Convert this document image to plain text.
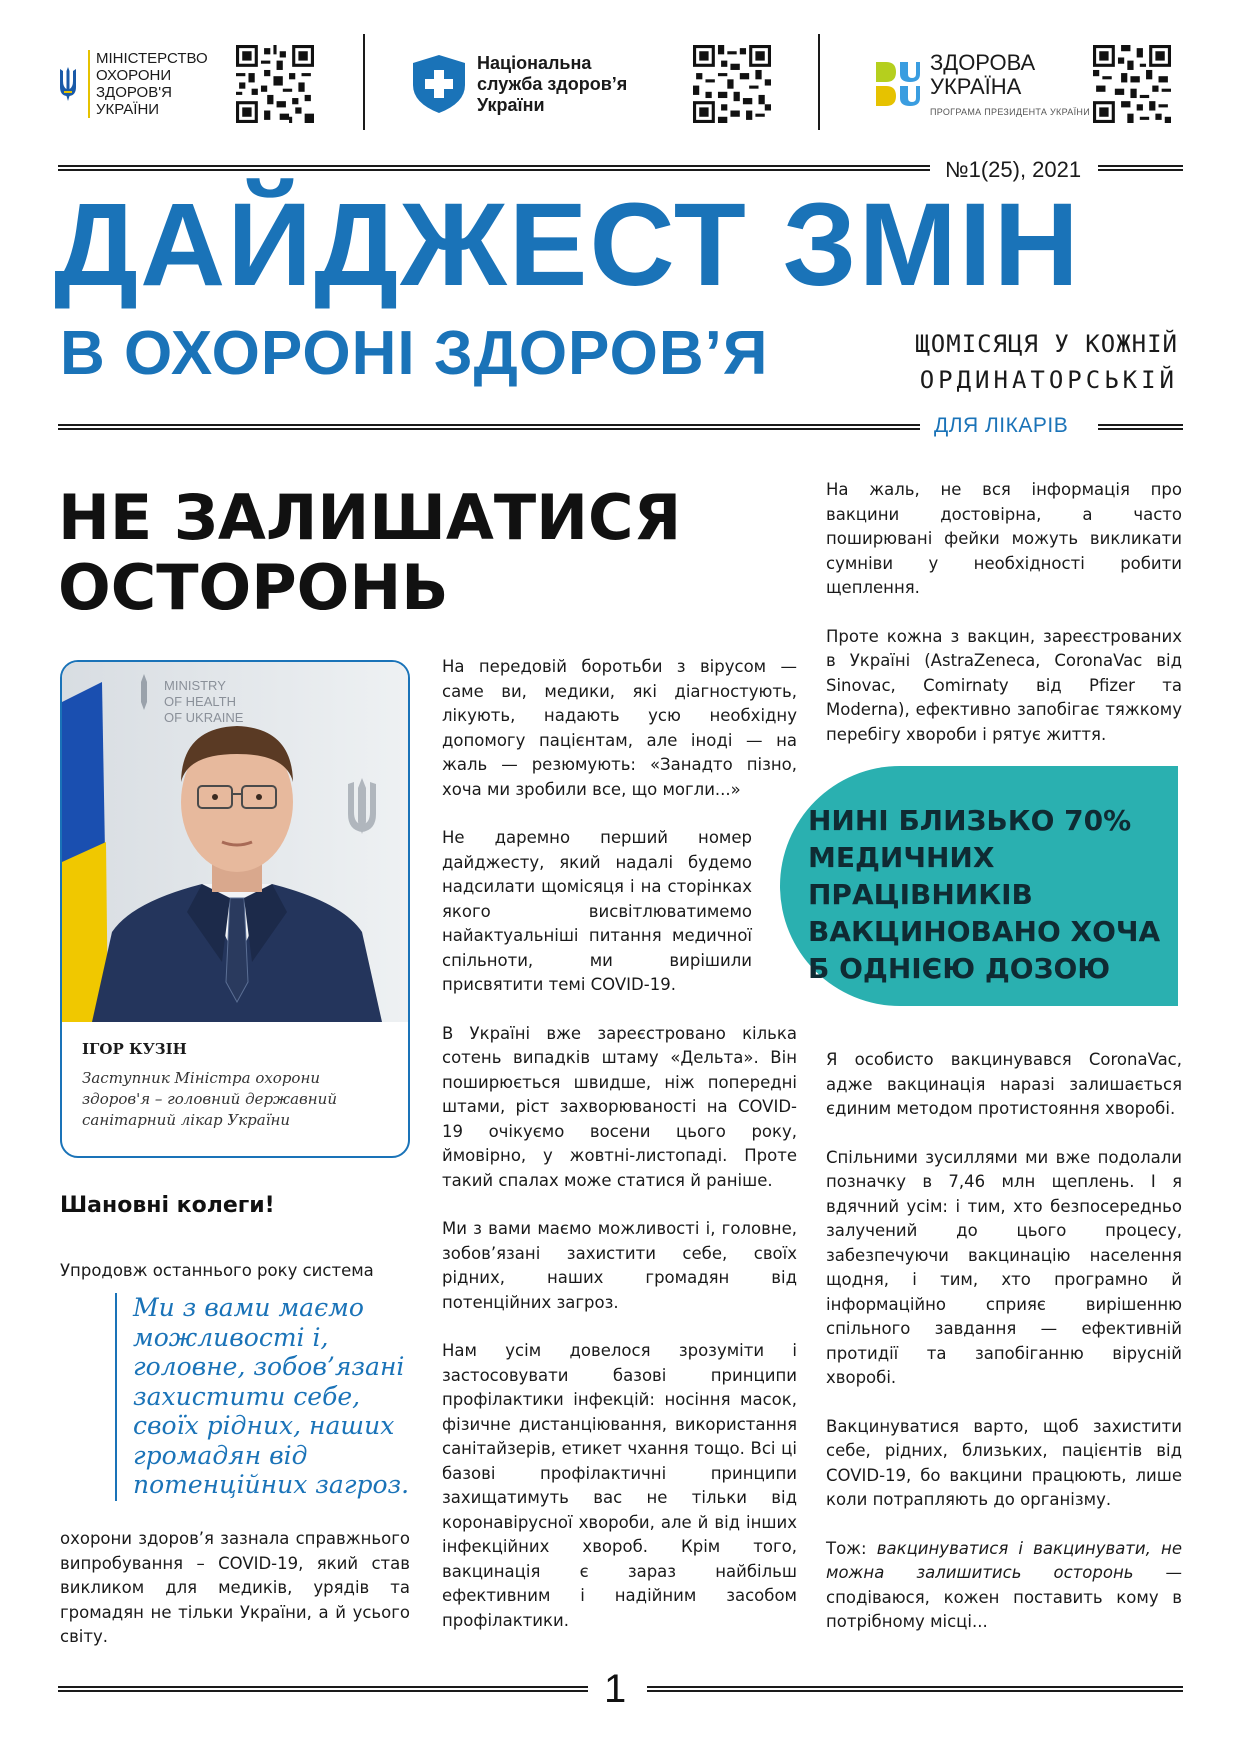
МІНІСТЕРСТВО
ОХОРОНИ
ЗДОРОВ'Я
УКРАЇНИ
Національна
служба здоров’я
України
ЗДОРОВА
УКРАЇНА
ПРОГРАМА ПРЕЗИДЕНТА УКРАЇНИ
№1(25), 2021
ДАЙДЖЕСТ ЗМІН
В ОХОРОНІ ЗДОРОВ’Я	ЩОМІСЯЦЯ У КОЖНІЙ
ОРДИНАТОРСЬКІЙ
ДЛЯ ЛІКАРІВ
НЕ ЗАЛИШАТИСЯ
ОСТОРОНЬ
MINISTRY
OF HEALTH
OF UKRAINE
ІГОР КУЗІН
Заступник Міністра охорони здоров'я – головний державний санітарний лікар України
Шановні колеги!

Упродовж останнього року система

Ми з вами маємо можливості і, головне, зобов’язані захистити себе, своїх рідних, наших громадян від потенційних загроз.

охорони здоров’я зазнала справжнього випробування – COVID-19, який став викликом для медиків, урядів та громадян не тільки України, а й усього світу.

На передовій боротьби з вірусом — саме ви, медики, які діагностують, лікують, надають усю необхідну допомогу пацієнтам, але іноді — на жаль — резюмують: «Занадто пізно, хоча ми зробили все, що могли...»

Не даремно перший номер дайджесту, який надалі будемо надсилати щомісяця і на сторінках якого висвітлюватимемо найактуальніші питання медичної спільноти, ми вирішили присвятити темі COVID-19.

В Україні вже зареєстровано кілька сотень випадків штаму «Дельта». Він поширюється швидше, ніж попередні штами, ріст захворюваності на COVID-19 очікуємо восени цього року, ймовірно, у жовтні-листопаді. Проте такий спалах може статися й раніше.

Ми з вами маємо можливості і, головне, зобов’язані захистити себе, своїх рідних, наших громадян від потенційних загроз.

Нам усім довелося зрозуміти і застосовувати базові принципи профілактики інфекцій: носіння масок, фізичне дистанціювання, використання санітайзерів, етикет чхання тощо. Всі ці базові профілактичні принципи захищатимуть вас не тільки від коронавірусної хвороби, але й від інших інфекційних хвороб. Крім того, вакцинація є зараз найбільш ефективним і надійним засобом профілактики.

На жаль, не вся інформація про вакцини достовірна, а часто поширювані фейки можуть викликати сумніви у необхідності робити щеплення.

Проте кожна з вакцин, зареєстрованих в Україні (AstraZeneca, CoronaVac від Sinovac, Comirnaty від Pfizer та Moderna), ефективно запобігає тяжкому перебігу хвороби і рятує життя.

НИНІ БЛИЗЬКО 70% МЕДИЧНИХ ПРАЦІВНИКІВ ВАКЦИНОВАНО ХОЧА Б ОДНІЄЮ ДОЗОЮ

Я особисто вакцинувався CoronaVac, адже вакцинація наразі залишається єдиним методом протистояння хворобі.

Спільними зусиллями ми вже подолали позначку в 7,46 млн щеплень. І я вдячний усім: і тим, хто безпосередньо залучений до цього процесу, забезпечуючи вакцинацію населення щодня, і тим, хто програмно й інформаційно сприяє вирішенню спільного завдання — ефективній протидії та запобіганню вірусній хворобі.

Вакцинуватися варто, щоб захистити себе, рідних, близьких, пацієнтів від COVID-19, бо вакцини працюють, лише коли потрапляють до організму.

Тож: вакцинуватися і вакцинувати, не можна залишитись осторонь — сподіваюся, кожен поставить кому в потрібному місці...

1
